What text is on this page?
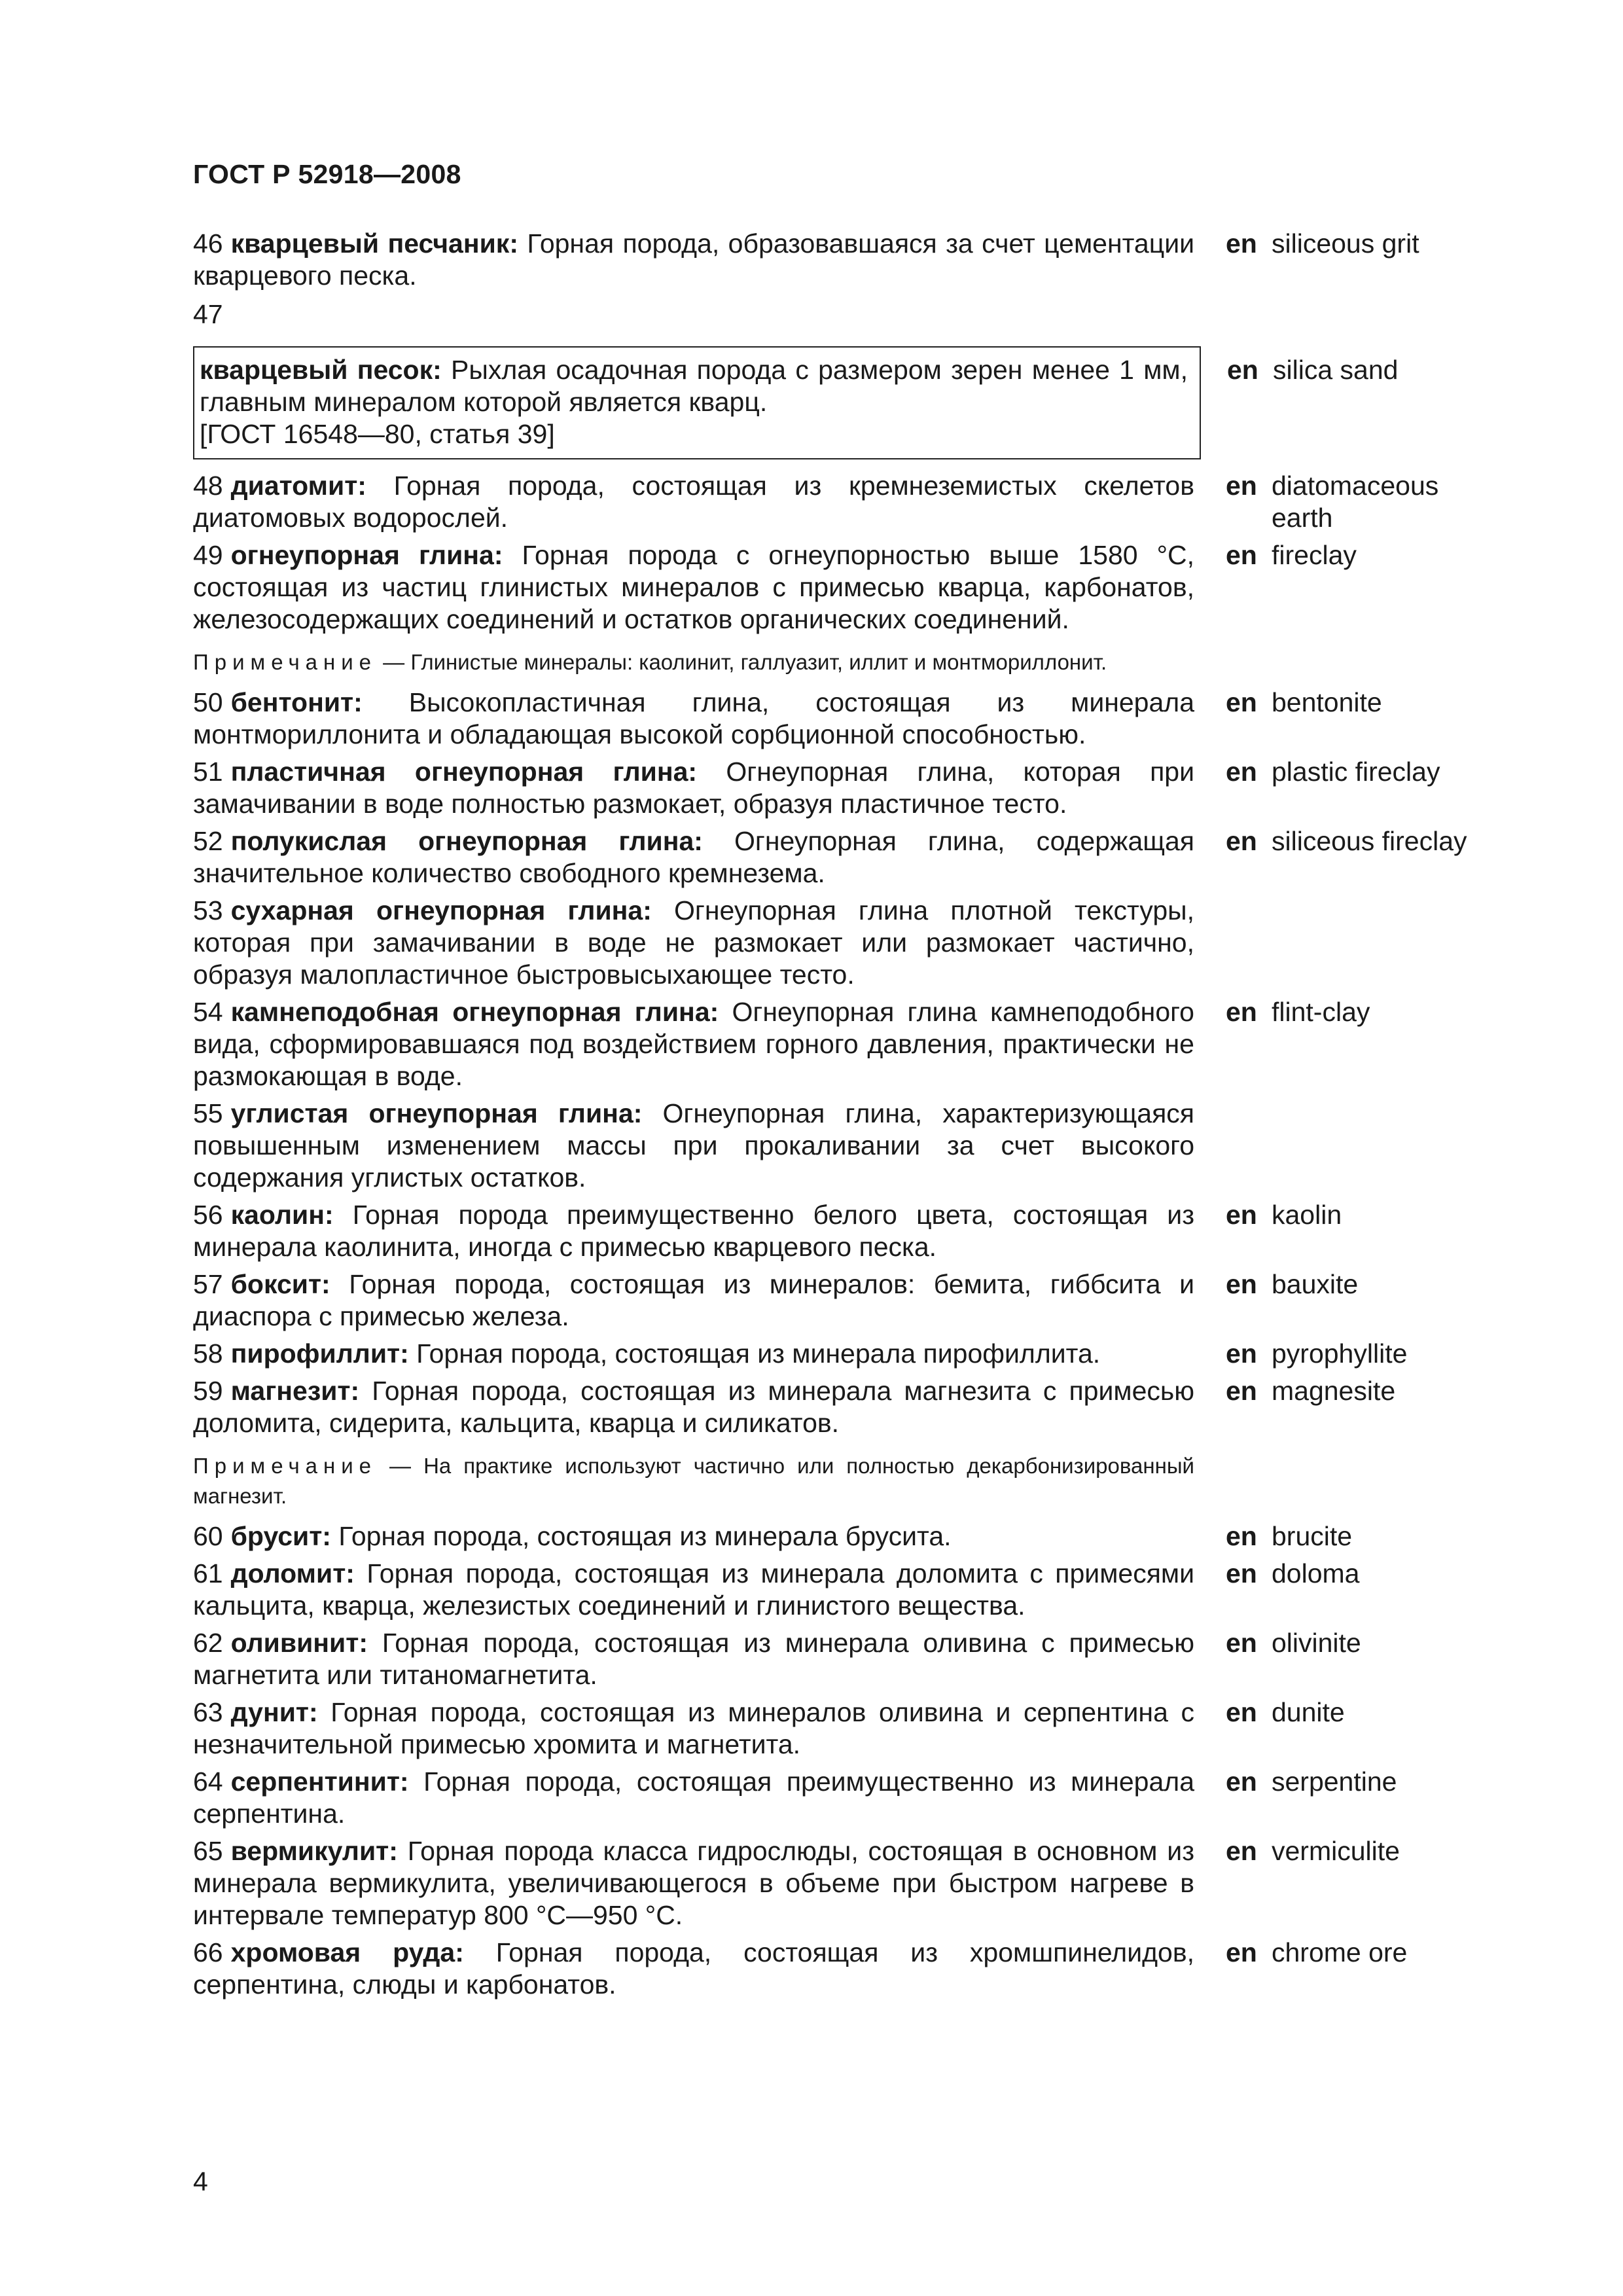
ГОСТ Р 52918—2008

46 кварцевый песчаник: Горная порода, образовавшаяся за счет цементации кварцевого песка.

en siliceous grit
47

кварцевый песок: Рыхлая осадочная порода с размером зерен менее 1 мм, главным минералом которой является кварц.

[ГОСТ 16548—80, статья 39]

en silica sand

48 диатомит: Горная порода, состоящая из кремнеземистых скелетов диатомовых водорослей.

en diatomaceous earth

49 огнеупорная глина: Горная порода с огнеупорностью выше 1580 °С, состоящая из частиц глинистых минералов с примесью кварца, карбонатов, железосодержащих соединений и остатков органических соединений.

en fireclay
Примечание — Глинистые минералы: каолинит, галлуазит, иллит и монтмориллонит.

50 бентонит: Высокопластичная глина, состоящая из минерала монтмориллонита и обладающая высокой сорбционной способностью.

en bentonite

51 пластичная огнеупорная глина: Огнеупорная глина, которая при замачивании в воде полностью размокает, образуя пластичное тесто.

en plastic fireclay

52 полукислая огнеупорная глина: Огнеупорная глина, содержащая значительное количество свободного кремнезема.

en siliceous fireclay

53 сухарная огнеупорная глина: Огнеупорная глина плотной текстуры, которая при замачивании в воде не размокает или размокает частично, образуя малопластичное быстровысыхающее тесто.

54 камнеподобная огнеупорная глина: Огнеупорная глина камнеподобного вида, сформировавшаяся под воздействием горного давления, практически не размокающая в воде.

en flint-clay

55 углистая огнеупорная глина: Огнеупорная глина, характеризующаяся повышенным изменением массы при прокаливании за счет высокого содержания углистых остатков.

56 каолин: Горная порода преимущественно белого цвета, состоящая из минерала каолинита, иногда с примесью кварцевого песка.

en kaolin

57 боксит: Горная порода, состоящая из минералов: бемита, гиббсита и диаспора с примесью железа.

en bauxite

58 пирофиллит: Горная порода, состоящая из минерала пирофиллита.	en pyrophyllite

59 магнезит: Горная порода, состоящая из минерала магнезита с примесью доломита, сидерита, кальцита, кварца и силикатов.

en magnesite
Примечание — На практике используют частично или полностью декарбонизированный магнезит.

60 брусит: Горная порода, состоящая из минерала брусита.	en brucite

61 доломит: Горная порода, состоящая из минерала доломита с примесями кальцита, кварца, железистых соединений и глинистого вещества.

en doloma

62 оливинит: Горная порода, состоящая из минерала оливина с примесью магнетита или титаномагнетита.

en olivinite

63 дунит: Горная порода, состоящая из минералов оливина и серпентина с незначительной примесью хромита и магнетита.

en dunite

64 серпентинит: Горная порода, состоящая преимущественно из минерала серпентина.

en serpentine

65 вермикулит: Горная порода класса гидрослюды, состоящая в основном из минерала вермикулита, увеличивающегося в объеме при быстром нагреве в интервале температур 800 °С—950 °С.

en vermiculite

66 хромовая руда: Горная порода, состоящая из хромшпинелидов, серпентина, слюды и карбонатов.

en chrome ore
4
